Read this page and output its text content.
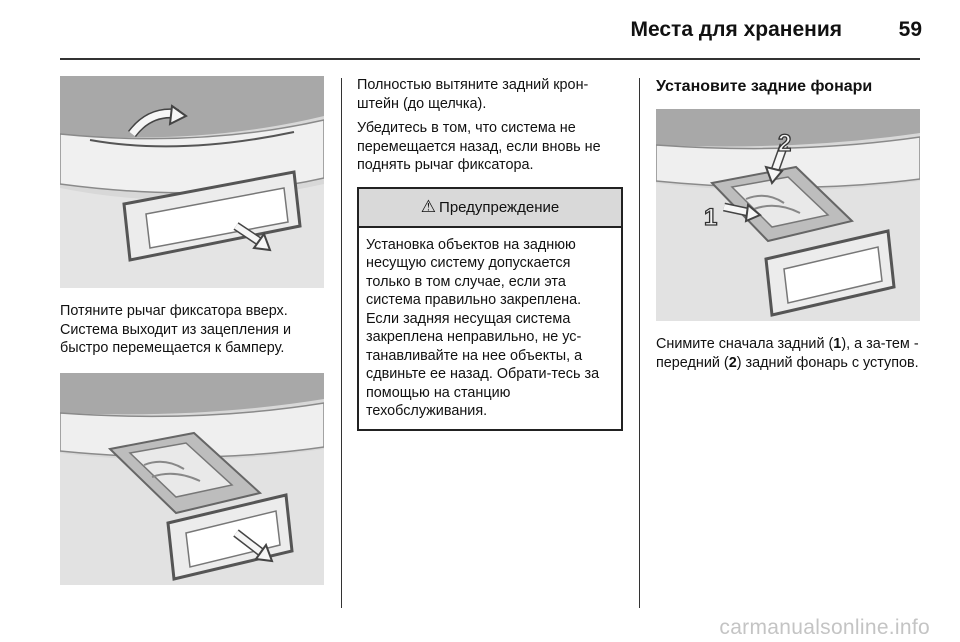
Места для хранения	59

Потяните рычаг фиксатора вверх. Система выходит из зацепления и быстро перемещается к бамперу.

Полностью вытяните задний крон-штейн (до щелчка).

Убедитесь в том, что система не перемещается назад, если вновь не поднять рычаг фиксатора.

⚠ Предупреждение
Установка объектов на заднюю несущую систему допускается только в том случае, если эта система правильно закреплена. Если задняя несущая система закреплена неправильно, не ус-танавливайте на нее объекты, а сдвиньте ее назад. Обрати-тесь за помощью на станцию техобслуживания.
Установите задние фонари
1
2

Снимите сначала задний (1), а за-тем - передний (2) задний фонарь с уступов.

carmanualsonline.info
